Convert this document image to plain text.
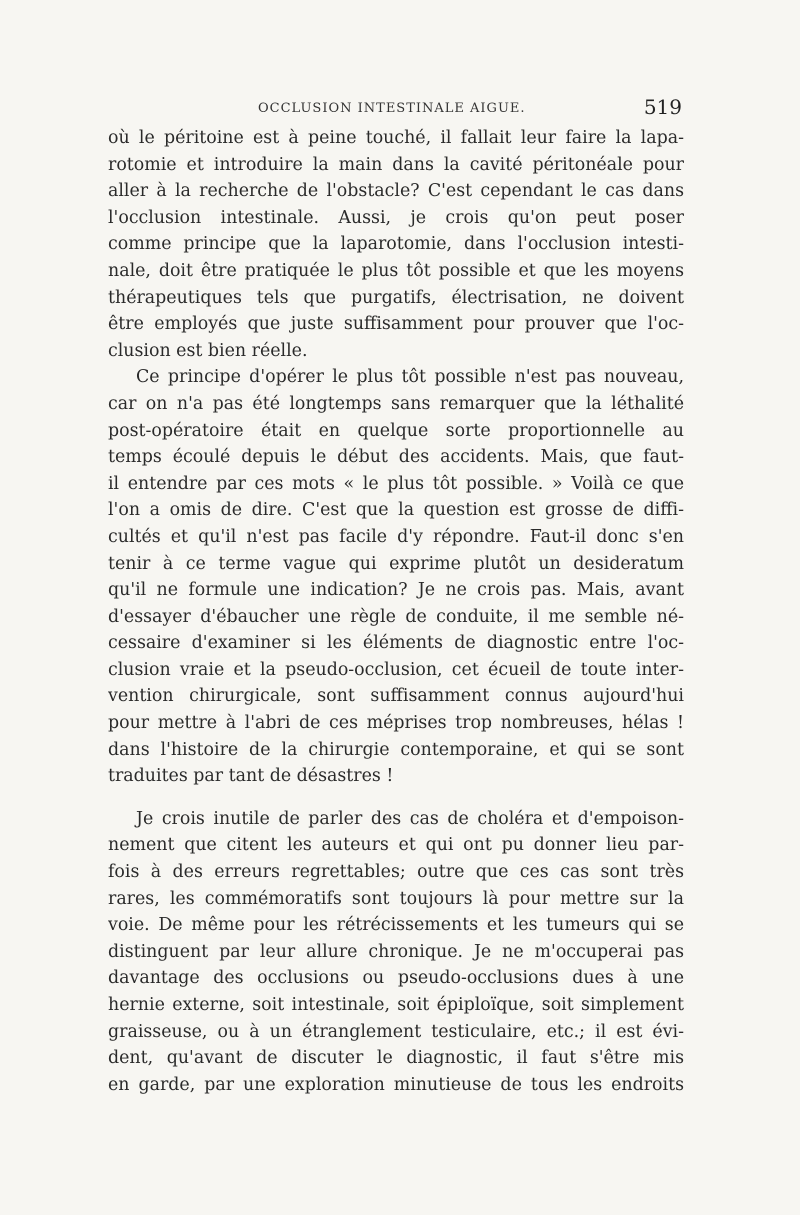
OCCLUSION INTESTINALE AIGUE.	519
où le péritoine est à peine touché, il fallait leur faire la lapa-
rotomie et introduire la main dans la cavité péritonéale pour
aller à la recherche de l'obstacle? C'est cependant le cas dans
l'occlusion intestinale. Aussi, je crois qu'on peut poser
comme principe que la laparotomie, dans l'occlusion intesti-
nale, doit être pratiquée le plus tôt possible et que les moyens
thérapeutiques tels que purgatifs, électrisation, ne doivent
être employés que juste suffisamment pour prouver que l'oc-
clusion est bien réelle.
Ce principe d'opérer le plus tôt possible n'est pas nouveau,
car on n'a pas été longtemps sans remarquer que la léthalité
post-opératoire était en quelque sorte proportionnelle au
temps écoulé depuis le début des accidents. Mais, que faut-
il entendre par ces mots « le plus tôt possible. » Voilà ce que
l'on a omis de dire. C'est que la question est grosse de diffi-
cultés et qu'il n'est pas facile d'y répondre. Faut-il donc s'en
tenir à ce terme vague qui exprime plutôt un desideratum
qu'il ne formule une indication? Je ne crois pas. Mais, avant
d'essayer d'ébaucher une règle de conduite, il me semble né-
cessaire d'examiner si les éléments de diagnostic entre l'oc-
clusion vraie et la pseudo-occlusion, cet écueil de toute inter-
vention chirurgicale, sont suffisamment connus aujourd'hui
pour mettre à l'abri de ces méprises trop nombreuses, hélas !
dans l'histoire de la chirurgie contemporaine, et qui se sont
traduites par tant de désastres !
Je crois inutile de parler des cas de choléra et d'empoison-
nement que citent les auteurs et qui ont pu donner lieu par-
fois à des erreurs regrettables; outre que ces cas sont très
rares, les commémoratifs sont toujours là pour mettre sur la
voie. De même pour les rétrécissements et les tumeurs qui se
distinguent par leur allure chronique. Je ne m'occuperai pas
davantage des occlusions ou pseudo-occlusions dues à une
hernie externe, soit intestinale, soit épiploïque, soit simplement
graisseuse, ou à un étranglement testiculaire, etc.; il est évi-
dent, qu'avant de discuter le diagnostic, il faut s'être mis
en garde, par une exploration minutieuse de tous les endroits
